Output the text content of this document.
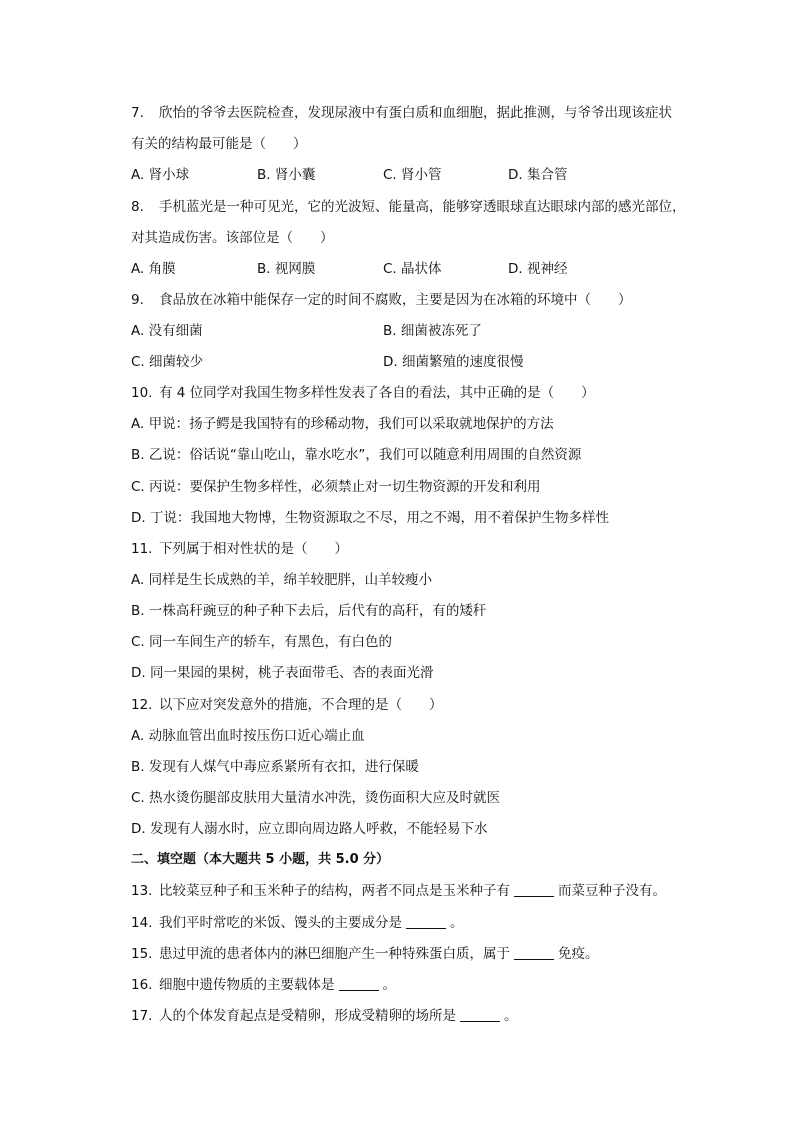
7. 欣怡的爷爷去医院检查，发现尿液中有蛋白质和血细胞，据此推测，与爷爷出现该症状
有关的结构最可能是（　　）
A. 肾小球	B. 肾小囊	C. 肾小管	D. 集合管
8. 手机蓝光是一种可见光，它的光波短、能量高，能够穿透眼球直达眼球内部的感光部位，
对其造成伤害。该部位是（　　）
A. 角膜	B. 视网膜	C. 晶状体	D. 视神经
9. 食品放在冰箱中能保存一定的时间不腐败，主要是因为在冰箱的环境中（　　）
A. 没有细菌	B. 细菌被冻死了
C. 细菌较少	D. 细菌繁殖的速度很慢
10. 有 4 位同学对我国生物多样性发表了各自的看法，其中正确的是（　　）
A. 甲说：扬子鳄是我国特有的珍稀动物，我们可以采取就地保护的方法
B. 乙说：俗话说“靠山吃山，靠水吃水”，我们可以随意利用周围的自然资源
C. 丙说：要保护生物多样性，必须禁止对一切生物资源的开发和利用
D. 丁说：我国地大物博，生物资源取之不尽，用之不竭，用不着保护生物多样性
11. 下列属于相对性状的是（　　）
A. 同样是生长成熟的羊，绵羊较肥胖，山羊较瘦小
B. 一株高秆豌豆的种子种下去后，后代有的高秆，有的矮秆
C. 同一车间生产的轿车，有黑色，有白色的
D. 同一果园的果树，桃子表面带毛、杏的表面光滑
12. 以下应对突发意外的措施，不合理的是（　　）
A. 动脉血管出血时按压伤口近心端止血
B. 发现有人煤气中毒应系紧所有衣扣，进行保暖
C. 热水烫伤腿部皮肤用大量清水冲洗，烫伤面积大应及时就医
D. 发现有人溺水时，应立即向周边路人呼救，不能轻易下水
二、填空题（本大题共 5 小题，共 5.0 分）
13. 比较菜豆种子和玉米种子的结构，两者不同点是玉米种子有	而菜豆种子没有。
14. 我们平时常吃的米饭、馒头的主要成分是	。
15. 患过甲流的患者体内的淋巴细胞产生一种特殊蛋白质，属于	免疫。
16. 细胞中遗传物质的主要载体是	。
17. 人的个体发育起点是受精卵，形成受精卵的场所是	。
